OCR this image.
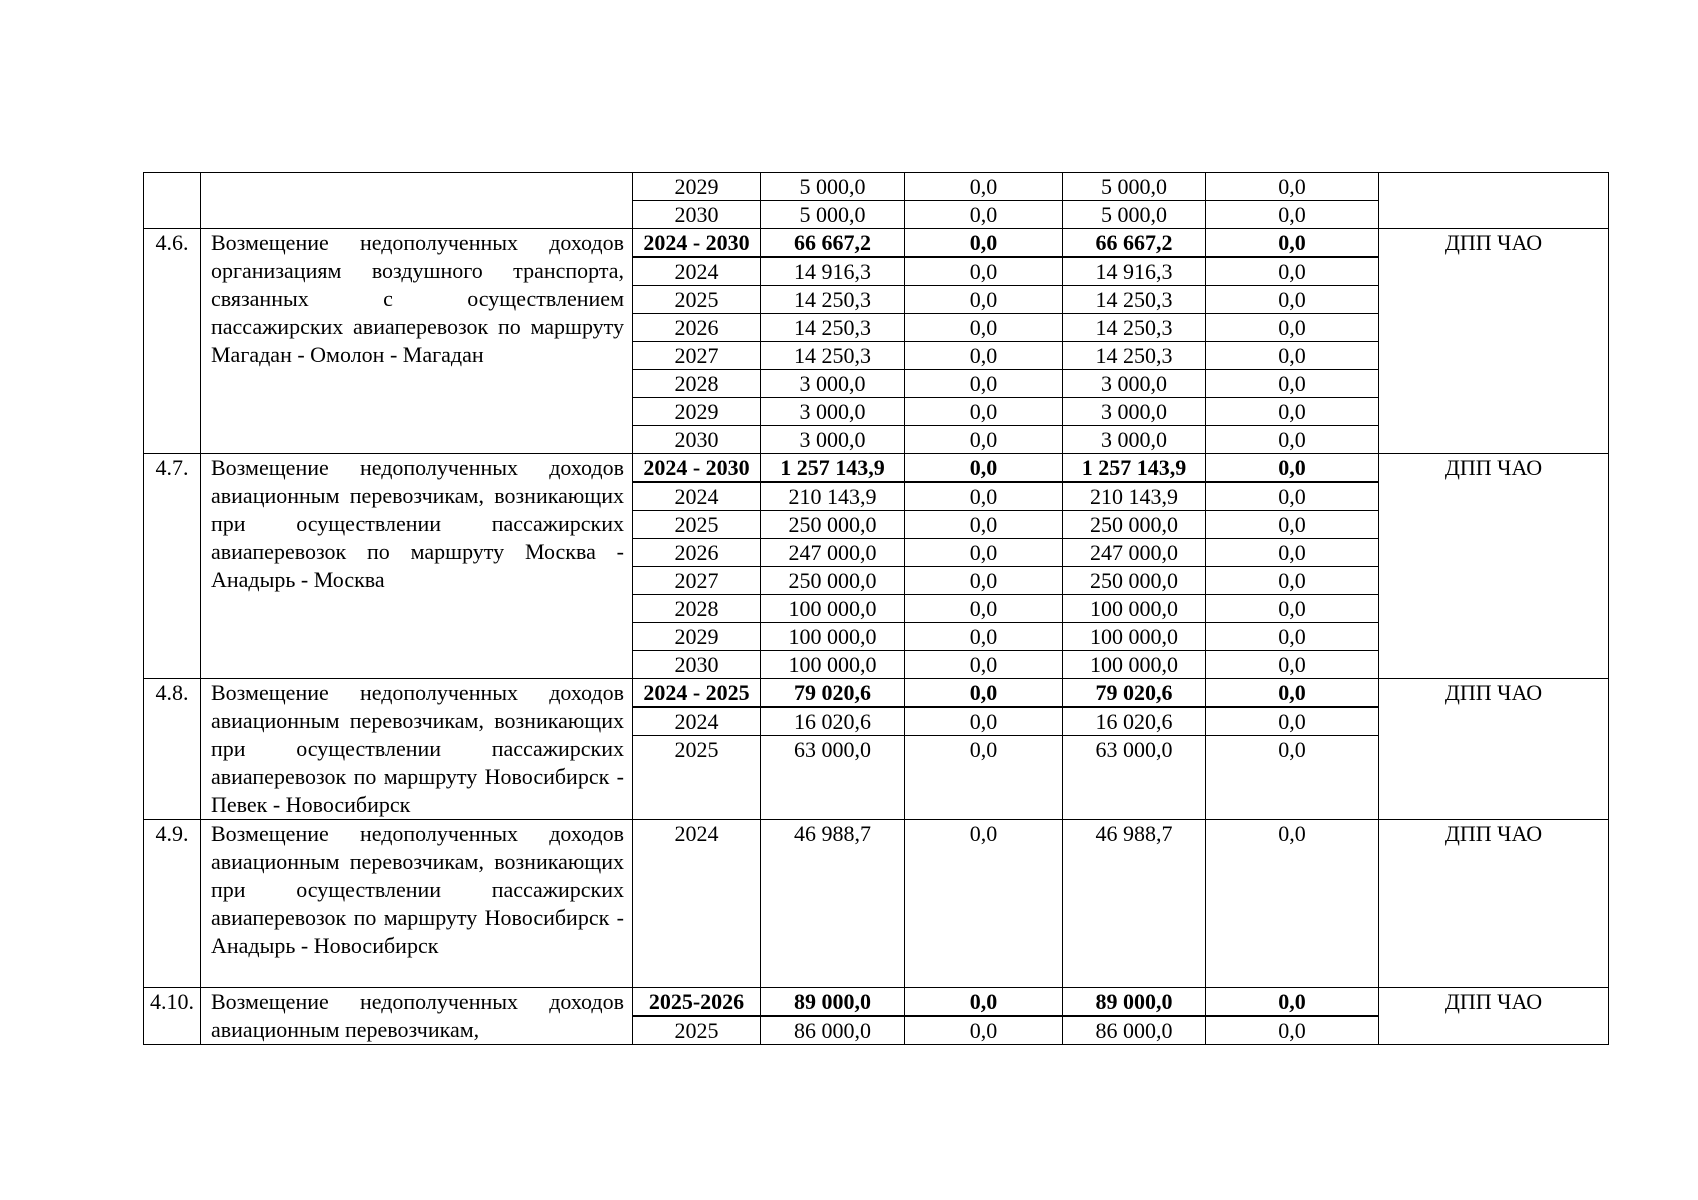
		2029	5 000,0	0,0	5 000,0	0,0	
		2030	5 000,0	0,0	5 000,0	0,0	
4.6.	Возмещение недополученных доходов организациям воздушного транспорта, связанных с осуществлением пассажирских авиаперевозок по маршруту Магадан - Омолон - Магадан	2024 - 2030	66 667,2	0,0	66 667,2	0,0	ДПП ЧАО
		2024	14 916,3	0,0	14 916,3	0,0	
		2025	14 250,3	0,0	14 250,3	0,0	
		2026	14 250,3	0,0	14 250,3	0,0	
		2027	14 250,3	0,0	14 250,3	0,0	
		2028	3 000,0	0,0	3 000,0	0,0	
		2029	3 000,0	0,0	3 000,0	0,0	
		2030	3 000,0	0,0	3 000,0	0,0	
4.7.	Возмещение недополученных доходов авиационным перевозчикам, возникающих при осуществлении пассажирских авиаперевозок по маршруту Москва - Анадырь - Москва	2024 - 2030	1 257 143,9	0,0	1 257 143,9	0,0	ДПП ЧАО
		2024	210 143,9	0,0	210 143,9	0,0	
		2025	250 000,0	0,0	250 000,0	0,0	
		2026	247 000,0	0,0	247 000,0	0,0	
		2027	250 000,0	0,0	250 000,0	0,0	
		2028	100 000,0	0,0	100 000,0	0,0	
		2029	100 000,0	0,0	100 000,0	0,0	
		2030	100 000,0	0,0	100 000,0	0,0	
4.8.	Возмещение недополученных доходов авиационным перевозчикам, возникающих при осуществлении пассажирских авиаперевозок по маршруту Новосибирск - Певек - Новосибирск	2024 - 2025	79 020,6	0,0	79 020,6	0,0	ДПП ЧАО
		2024	16 020,6	0,0	16 020,6	0,0	
		2025	63 000,0	0,0	63 000,0	0,0	
4.9.	Возмещение недополученных доходов авиационным перевозчикам, возникающих при осуществлении пассажирских авиаперевозок по маршруту Новосибирск - Анадырь - Новосибирск	2024	46 988,7	0,0	46 988,7	0,0	ДПП ЧАО
4.10.	Возмещение недополученных доходов авиационным перевозчикам,	2025-2026	89 000,0	0,0	89 000,0	0,0	ДПП ЧАО
		2025	86 000,0	0,0	86 000,0	0,0	
